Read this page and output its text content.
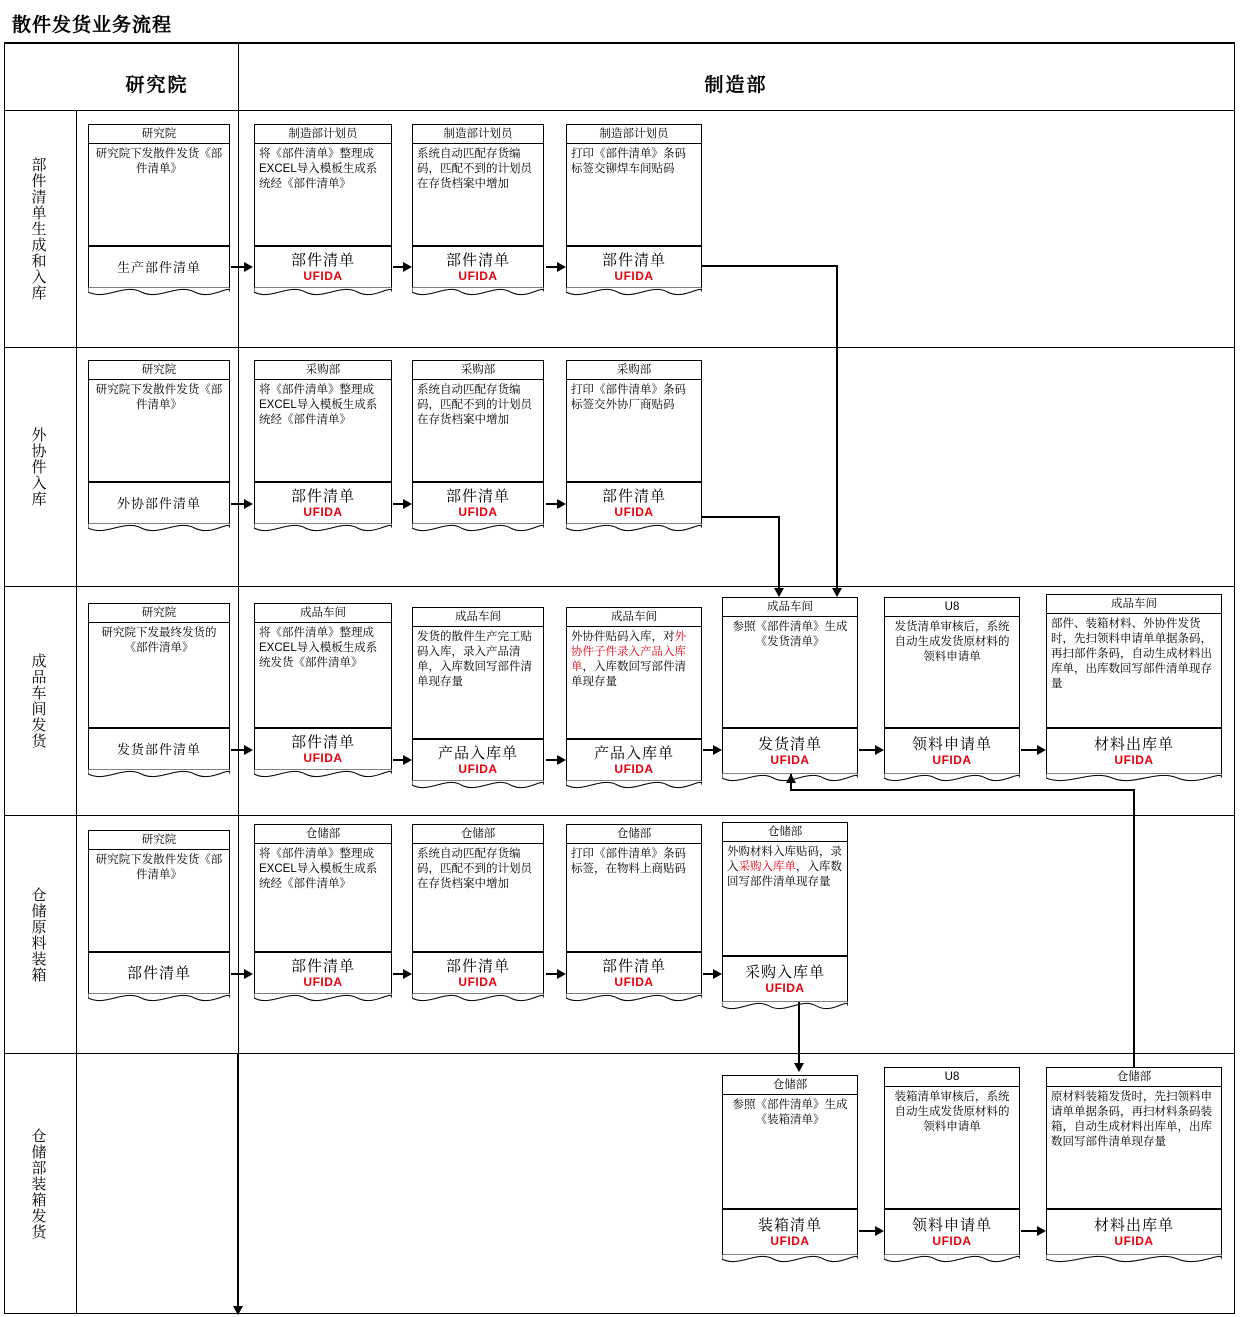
散件发货业务流程
研究院	制造部
部件清单生成和入库
外协件入库
成品车间发货
仓储原料装箱
仓储部装箱发货
研究院
研究院下发散件发货《部件清单》
生产部件清单
制造部计划员
将《部件清单》整理成EXCEL导入模板生成系统经《部件清单》
部件清单
UFIDA
制造部计划员
系统自动匹配存货编码，匹配不到的计划员在存货档案中增加
部件清单
UFIDA
制造部计划员
打印《部件清单》条码标签交铆焊车间贴码
部件清单
UFIDA
研究院
研究院下发散件发货《部件清单》
外协部件清单
采购部
将《部件清单》整理成EXCEL导入模板生成系统经《部件清单》
部件清单
UFIDA
采购部
系统自动匹配存货编码，匹配不到的计划员在存货档案中增加
部件清单
UFIDA
采购部
打印《部件清单》条码标签交外协厂商贴码
部件清单
UFIDA
研究院
研究院下发最终发货的《部件清单》
发货部件清单
成品车间
将《部件清单》整理成EXCEL导入模板生成系统发货《部件清单》
部件清单
UFIDA
成品车间
发货的散件生产完工贴码入库，录入产品清单，入库数回写部件清单现存量
产品入库单
UFIDA
成品车间
外协件贴码入库，对外协件子件录入产品入库单，入库数回写部件清单现存量
产品入库单
UFIDA
成品车间
参照《部件清单》生成《发货清单》
发货清单
UFIDA
U8
发货清单审核后，系统自动生成发货原材料的领料申请单
领料申请单
UFIDA
成品车间
部件、装箱材料、外协件发货时，先扫领料申请单单据条码，再扫部件条码，自动生成材料出库单，出库数回写部件清单现存量
材料出库单
UFIDA
研究院
研究院下发散件发货《部件清单》
部件清单
仓储部
将《部件清单》整理成EXCEL导入模板生成系统经《部件清单》
部件清单
UFIDA
仓储部
系统自动匹配存货编码，匹配不到的计划员在存货档案中增加
部件清单
UFIDA
仓储部
打印《部件清单》条码标签，在物料上商贴码
部件清单
UFIDA
仓储部
外购材料入库贴码，录入采购入库单，入库数回写部件清单现存量
采购入库单
UFIDA
仓储部
参照《部件清单》生成《装箱清单》
装箱清单
UFIDA
U8
装箱清单审核后，系统自动生成发货原材料的领料申请单
领料申请单
UFIDA
仓储部
原材料装箱发货时，先扫领料申请单单据条码，再扫材料条码装箱，自动生成材料出库单，出库数回写部件清单现存量
材料出库单
UFIDA
